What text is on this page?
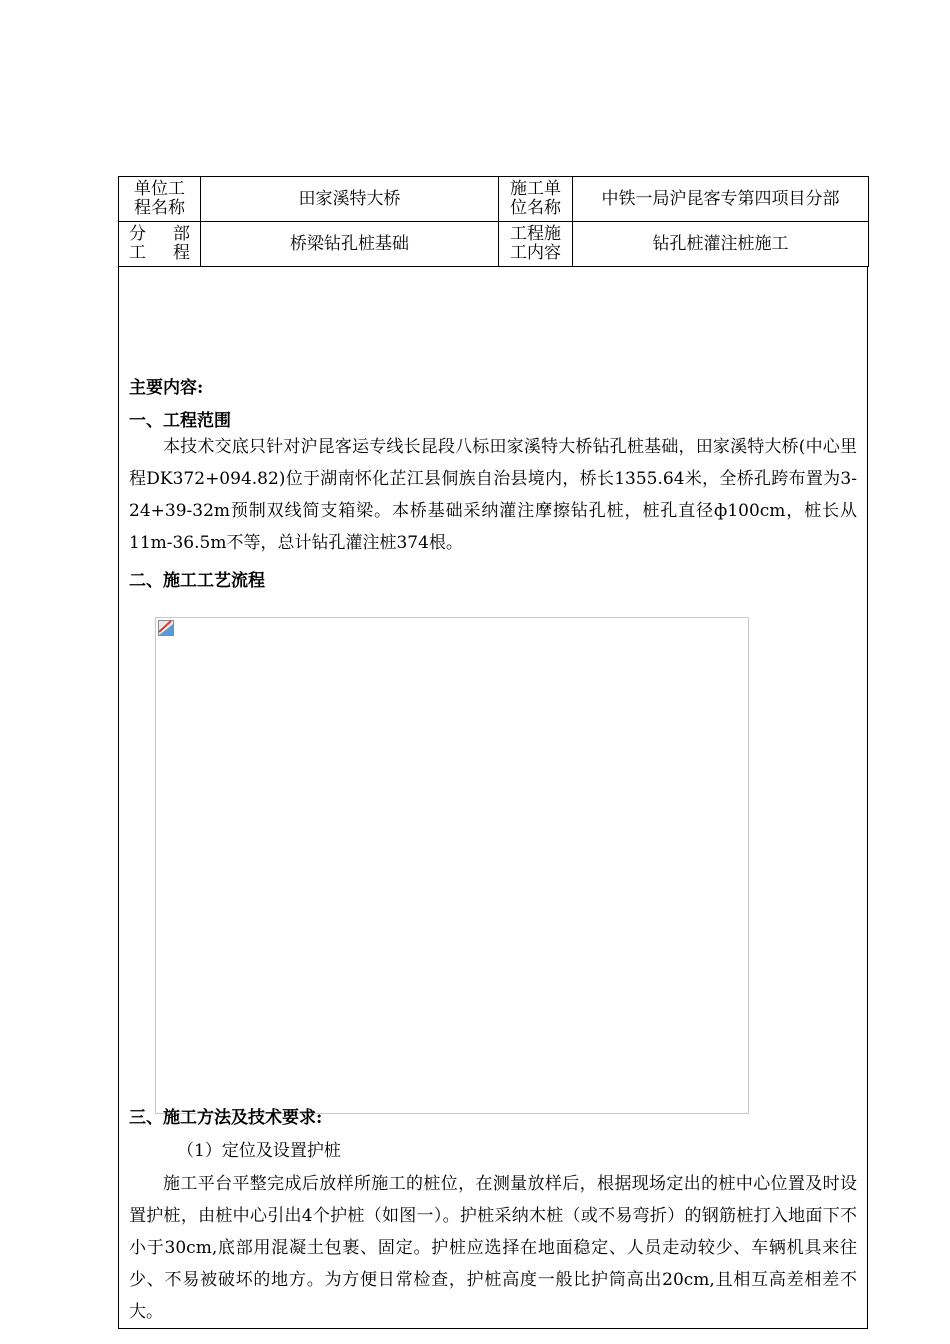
单位工程名称	田家溪特大桥	施工单位名称	中铁一局沪昆客专第四项目分部

分　部
工　程	桥梁钻孔桩基础	工程施工内容	钻孔桩灌注桩施工
主要内容:
一、工程范围

本技术交底只针对沪昆客运专线长昆段八标田家溪特大桥钻孔桩基础，田家溪特大桥(中心里程DK372+094.82)位于湖南怀化芷江县侗族自治县境内，桥长1355.64米，全桥孔跨布置为3-24+39-32m预制双线简支箱梁。本桥基础采纳灌注摩擦钻孔桩，桩孔直径ф100cm，桩长从11m-36.5m不等，总计钻孔灌注桩374根。

二、施工工艺流程
三、施工方法及技术要求:
（1）定位及设置护桩

施工平台平整完成后放样所施工的桩位，在测量放样后，根据现场定出的桩中心位置及时设置护桩，由桩中心引出4个护桩（如图一）。护桩采纳木桩（或不易弯折）的钢筋桩打入地面下不小于30cm,底部用混凝土包裹、固定。护桩应选择在地面稳定、人员走动较少、车辆机具来往少、不易被破坏的地方。为方便日常检查，护桩高度一般比护筒高出20cm,且相互高差相差不大。
